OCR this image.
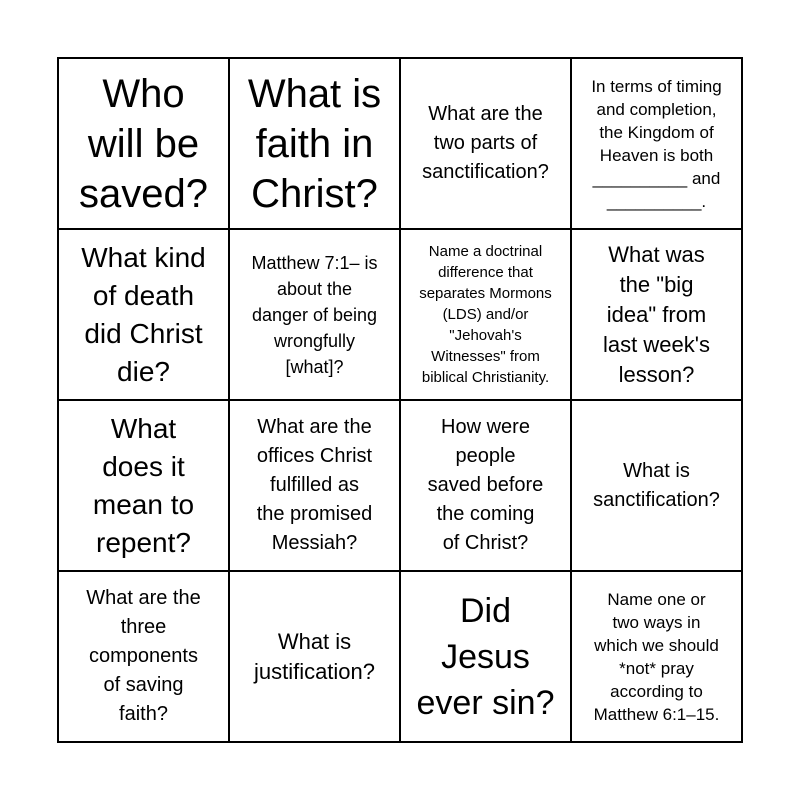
Who
will be
saved?
What is
faith in
Christ?
What are the
two parts of
sanctification?
In terms of timing
and completion,
the Kingdom of
Heaven is both
__________ and
__________.
What kind
of death
did Christ
die?
Matthew 7:1– is
about the
danger of being
wrongfully
[what]?
Name a doctrinal
difference that
separates Mormons
(LDS) and/or
"Jehovah's
Witnesses" from
biblical Christianity.
What was
the "big
idea" from
last week's
lesson?
What
does it
mean to
repent?
What are the
offices Christ
fulfilled as
the promised
Messiah?
How were
people
saved before
the coming
of Christ?
What is
sanctification?
What are the
three
components
of saving
faith?
What is
justification?
Did
Jesus
ever sin?
Name one or
two ways in
which we should
*not* pray
according to
Matthew 6:1–15.
